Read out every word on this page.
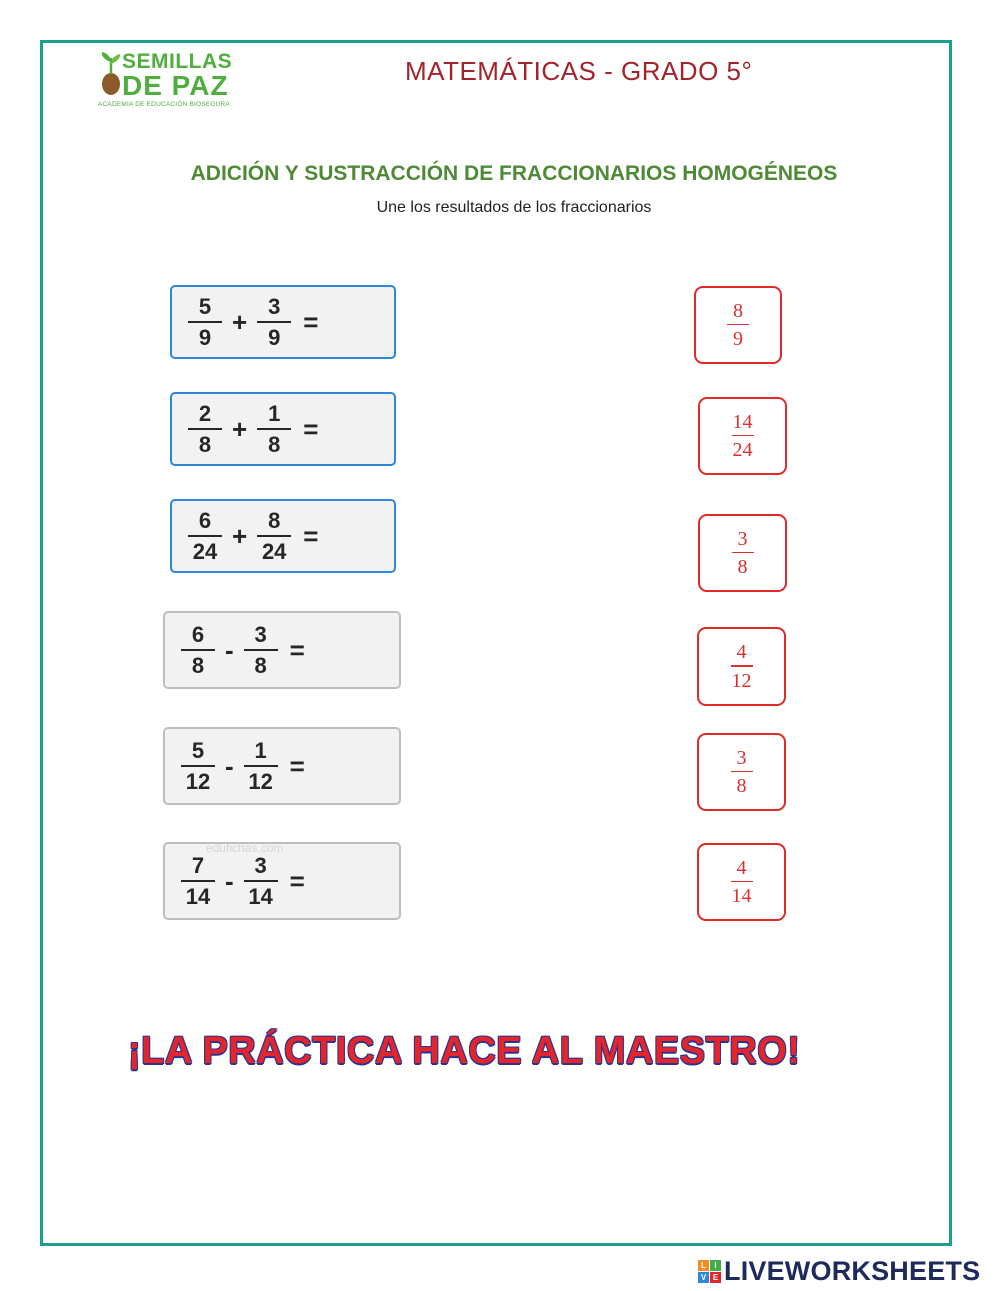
SEMILLAS
DE PAZ
ACADEMIA DE EDUCACIÓN BIOSEGURA
MATEMÁTICAS - GRADO 5°
ADICIÓN Y SUSTRACCIÓN DE FRACCIONARIOS HOMOGÉNEOS
Une los resultados de los fraccionarios
$\frac{5}{9} + \frac{3}{9}$ =
$\frac{2}{8} + \frac{1}{8}$ =
$\frac{6}{24} + \frac{8}{24}$ =
$\frac{6}{8} - \frac{3}{8}$ =
$\frac{5}{12} - \frac{1}{12}$ =
$\frac{7}{14} - \frac{3}{14}$ =
edufichas.com
$\frac{8}{9}$
$\frac{14}{24}$
$\frac{3}{8}$
$\frac{4}{12}$
$\frac{3}{8}$
$\frac{4}{14}$
¡LA PRÁCTICA HACE AL MAESTRO!
L	I
V E LIVEWORKSHEETS
